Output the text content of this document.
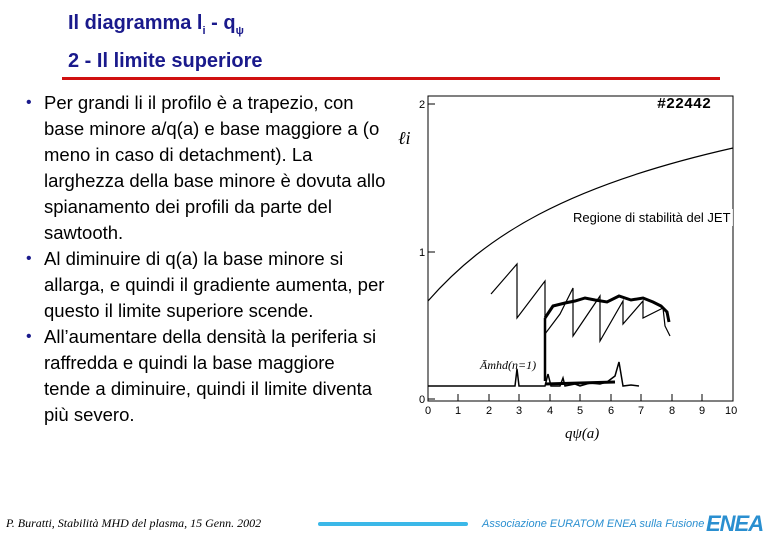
Il diagramma $l_i - q_\psi$
2 - Il limite superiore
• Per grandi li il profilo è a trapezio, con base minore a/q(a) e base maggiore a (o meno in caso di detachment). La larghezza della base minore è dovuta allo spianamento dei profili da parte del sawtooth.
• Al diminuire di q(a) la base minore si allarga, e quindi il gradiente aumenta, per questo il limite superiore scende.
• All’aumentare della densità la periferia si raffredda e quindi la base maggiore tende a diminuire, quindi il limite diventa più severo.
2
1
0
0 1 2 3 4 5 6 7 8 9 10
#22442
ℓi
qψ(a)
Āmhd(n=1)
Regione di stabilità del JET
P. Buratti, Stabilità MHD del plasma, 15 Genn. 2002	Associazione EURATOM ENEA sulla Fusione ENEA
